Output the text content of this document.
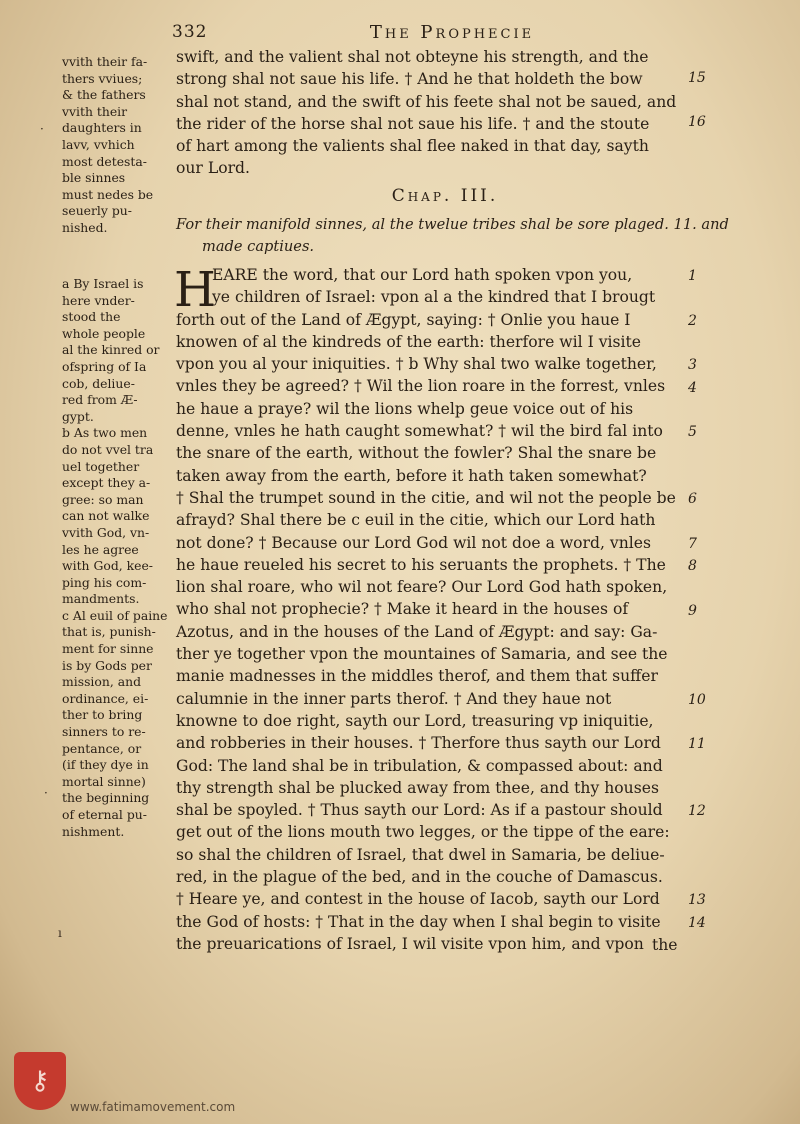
332	The Prophecie
vvith their fa-
thers vviues;
& the fathers
vvith their
daughters in
lavv, vvhich
most detesta-
ble sinnes
must nedes be
seuerly pu-
nished.
swift, and the valient shal not obteyne his strength, and the
strong shal not saue his life. † And he that holdeth the bow
shal not stand, and the swift of his feete shal not be saued, and
the rider of the horse shal not saue his life. † and the stoute
of hart among the valients shal flee naked in that day, sayth
our Lord.
15
16
Chap. III.
For their manifold sinnes, al the twelue tribes shal be sore plaged. 11. and
made captiues.
a By Israel is
here vnder-
stood the
whole people
al the kinred or
ofspring of Ia
cob, deliue-
red from Æ-
gypt.
b As two men
do not vvel tra
uel together
except they a-
gree: so man
can not walke
vvith God, vn-
les he agree
with God, kee-
ping his com-
mandments.
c Al euil of paine
that is, punish-
ment for sinne
is by Gods per
mission, and
ordinance, ei-
ther to bring
sinners to re-
pentance, or
(if they dye in
mortal sinne)
the beginning
of eternal pu-
nishment.
H
EARE the word, that our Lord hath spoken vpon you,
ye children of Israel: vpon al a the kindred that I brougt
forth out of the Land of Ægypt, saying: † Onlie you haue I
knowen of al the kindreds of the earth: therfore wil I visite
vpon you al your iniquities. † b Why shal two walke together,
vnles they be agreed? † Wil the lion roare in the forrest, vnles
he haue a praye? wil the lions whelp geue voice out of his
denne, vnles he hath caught somewhat? † wil the bird fal into
the snare of the earth, without the fowler? Shal the snare be
taken away from the earth, before it hath taken somewhat?
† Shal the trumpet sound in the citie, and wil not the people be
afrayd? Shal there be c euil in the citie, which our Lord hath
not done? † Because our Lord God wil not doe a word, vnles
he haue reueled his secret to his seruants the prophets. † The
lion shal roare, who wil not feare? Our Lord God hath spoken,
who shal not prophecie? † Make it heard in the houses of
Azotus, and in the houses of the Land of Ægypt: and say: Ga-
ther ye together vpon the mountaines of Samaria, and see the
manie madnesses in the middles therof, and them that suffer
calumnie in the inner parts therof. † And they haue not
knowne to doe right, sayth our Lord, treasuring vp iniquitie,
and robberies in their houses. † Therfore thus sayth our Lord
God: The land shal be in tribulation, & compassed about: and
thy strength shal be plucked away from thee, and thy houses
shal be spoyled. † Thus sayth our Lord: As if a pastour should
get out of the lions mouth two legges, or the tippe of the eare:
so shal the children of Israel, that dwel in Samaria, be deliue-
red, in the plague of the bed, and in the couche of Damascus.
† Heare ye, and contest in the house of Iacob, sayth our Lord
the God of hosts: † That in the day when I shal begin to visite
the preuarications of Israel, I wil visite vpon him, and vpon
1
2
3
4
5
6
7
8
9
10
11
12
13
14
the
·
·
ı
⚷
www.fatimamovement.com
